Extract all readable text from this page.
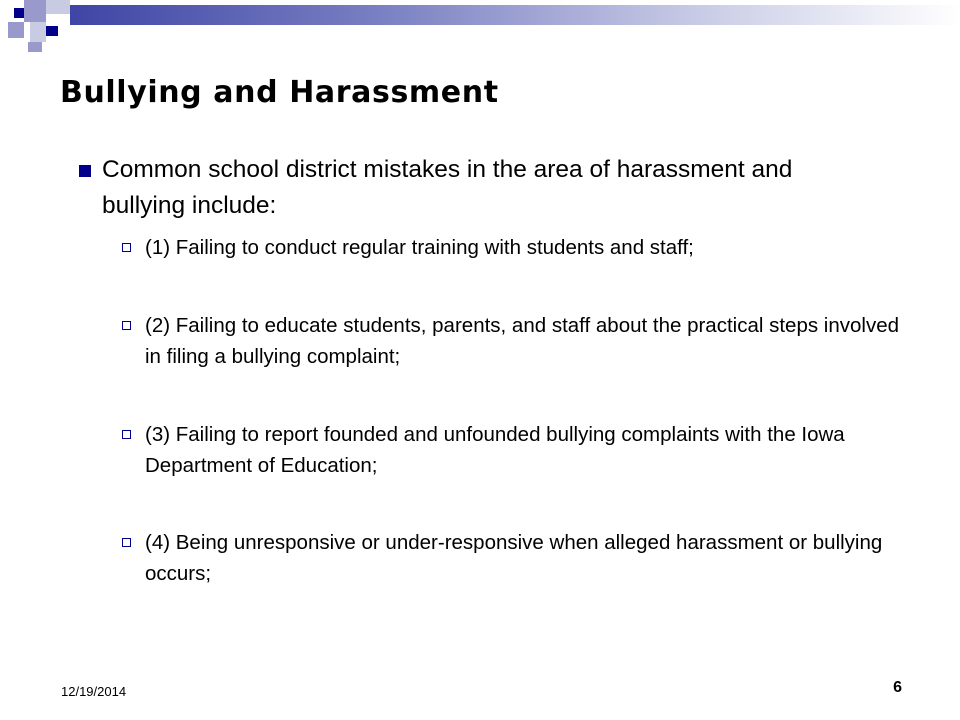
Bullying and Harassment

Common school district mistakes in the area of harassment and bullying include:

(1) Failing to conduct regular training with students and staff;

(2) Failing to educate students, parents, and staff about the practical steps involved in filing a bullying complaint;

(3) Failing to report founded and unfounded bullying complaints with the Iowa Department of Education;

(4) Being unresponsive or under-responsive when alleged harassment or bullying occurs;

12/19/2014	6
